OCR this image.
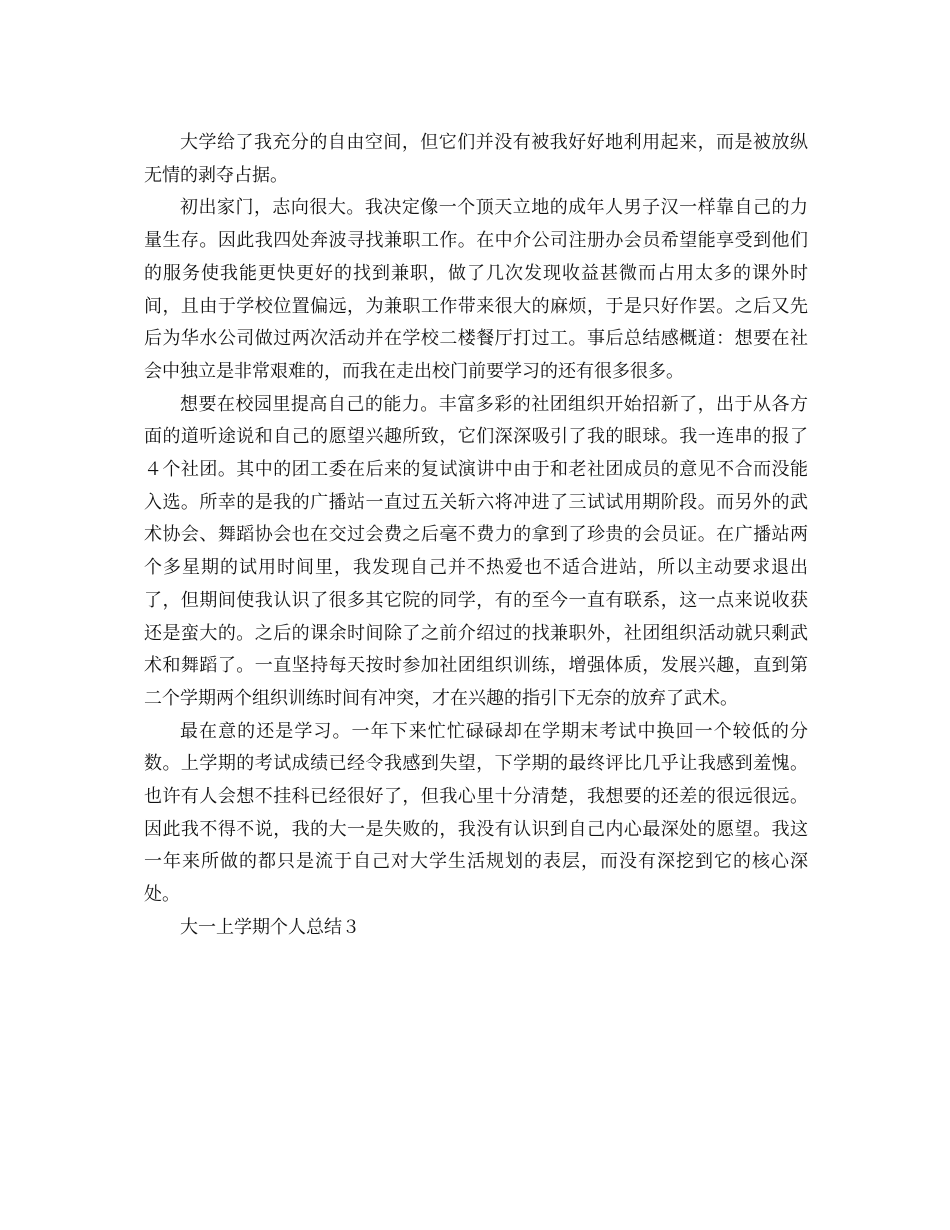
大学给了我充分的自由空间，但它们并没有被我好好地利用起来，而是被放纵无情的剥夺占据。

初出家门，志向很大。我决定像一个顶天立地的成年人男子汉一样靠自己的力量生存。因此我四处奔波寻找兼职工作。在中介公司注册办会员希望能享受到他们的服务使我能更快更好的找到兼职，做了几次发现收益甚微而占用太多的课外时间，且由于学校位置偏远，为兼职工作带来很大的麻烦，于是只好作罢。之后又先后为华水公司做过两次活动并在学校二楼餐厅打过工。事后总结感概道：想要在社会中独立是非常艰难的，而我在走出校门前要学习的还有很多很多。

想要在校园里提高自己的能力。丰富多彩的社团组织开始招新了，出于从各方面的道听途说和自己的愿望兴趣所致，它们深深吸引了我的眼球。我一连串的报了４个社团。其中的团工委在后来的复试演讲中由于和老社团成员的意见不合而没能入选。所幸的是我的广播站一直过五关斩六将冲进了三试试用期阶段。而另外的武术协会、舞蹈协会也在交过会费之后毫不费力的拿到了珍贵的会员证。在广播站两个多星期的试用时间里，我发现自己并不热爱也不适合进站，所以主动要求退出了，但期间使我认识了很多其它院的同学，有的至今一直有联系，这一点来说收获还是蛮大的。之后的课余时间除了之前介绍过的找兼职外，社团组织活动就只剩武术和舞蹈了。一直坚持每天按时参加社团组织训练，增强体质，发展兴趣，直到第二个学期两个组织训练时间有冲突，才在兴趣的指引下无奈的放弃了武术。

最在意的还是学习。一年下来忙忙碌碌却在学期末考试中换回一个较低的分数。上学期的考试成绩已经令我感到失望，下学期的最终评比几乎让我感到羞愧。也许有人会想不挂科已经很好了，但我心里十分清楚，我想要的还差的很远很远。因此我不得不说，我的大一是失败的，我没有认识到自己内心最深处的愿望。我这一年来所做的都只是流于自己对大学生活规划的表层，而没有深挖到它的核心深处。

大一上学期个人总结３
